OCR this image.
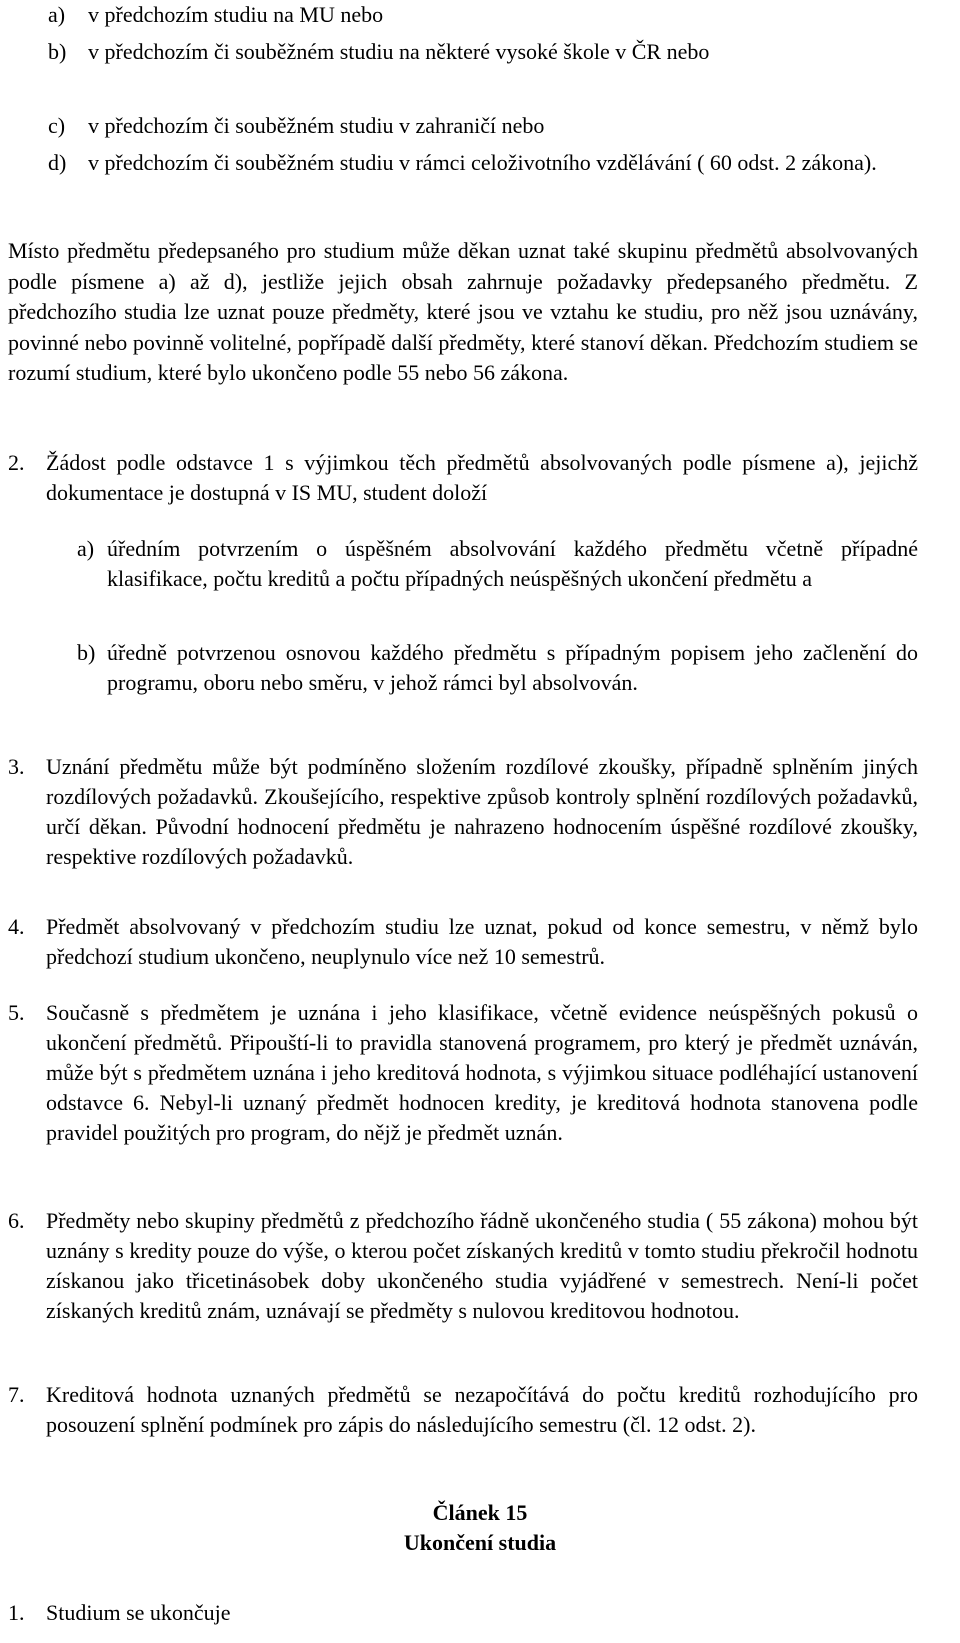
a)	v předchozím studiu na MU nebo
b) v předchozím či souběžném studiu na některé vysoké škole v ČR nebo
c)	v předchozím či souběžném studiu v zahraničí nebo
d) v předchozím či souběžném studiu v rámci celoživotního vzdělávání ( 60 odst. 2 zákona).
Místo předmětu předepsaného pro studium může děkan uznat také skupinu předmětů absolvovaných podle písmene a) až d), jestliže jejich obsah zahrnuje požadavky předepsaného předmětu. Z předchozího studia lze uznat pouze předměty, které jsou ve vztahu ke studiu, pro něž jsou uznávány, povinné nebo povinně volitelné, popřípadě další předměty, které stanoví děkan. Předchozím studiem se rozumí studium, které bylo ukončeno podle 55 nebo 56 zákona.
2. Žádost podle odstavce 1 s výjimkou těch předmětů absolvovaných podle písmene a), jejichž dokumentace je dostupná v IS MU, student doloží
a) úředním potvrzením o úspěšném absolvování každého předmětu včetně případné klasifikace, počtu kreditů a počtu případných neúspěšných ukončení předmětu a
b) úředně potvrzenou osnovou každého předmětu s případným popisem jeho začlenění do programu, oboru nebo směru, v jehož rámci byl absolvován.
3. Uznání předmětu může být podmíněno složením rozdílové zkoušky, případně splněním jiných rozdílových požadavků. Zkoušejícího, respektive způsob kontroly splnění rozdílových požadavků, určí děkan. Původní hodnocení předmětu je nahrazeno hodnocením úspěšné rozdílové zkoušky, respektive rozdílových požadavků.
4. Předmět absolvovaný v předchozím studiu lze uznat, pokud od konce semestru, v němž bylo předchozí studium ukončeno, neuplynulo více než 10 semestrů.
5. Současně s předmětem je uznána i jeho klasifikace, včetně evidence neúspěšných pokusů o ukončení předmětů. Připouští-li to pravidla stanovená programem, pro který je předmět uznáván, může být s předmětem uznána i jeho kreditová hodnota, s výjimkou situace podléhající ustanovení odstavce 6. Nebyl-li uznaný předmět hodnocen kredity, je kreditová hodnota stanovena podle pravidel použitých pro program, do nějž je předmět uznán.
6. Předměty nebo skupiny předmětů z předchozího řádně ukončeného studia ( 55 zákona) mohou být uznány s kredity pouze do výše, o kterou počet získaných kreditů v tomto studiu překročil hodnotu získanou jako třicetinásobek doby ukončeného studia vyjádřené v semestrech. Není-li počet získaných kreditů znám, uznávají se předměty s nulovou kreditovou hodnotou.
7. Kreditová hodnota uznaných předmětů se nezapočítává do počtu kreditů rozhodujícího pro posouzení splnění podmínek pro zápis do následujícího semestru (čl. 12 odst. 2).
Článek 15
Ukončení studia
1. Studium se ukončuje
